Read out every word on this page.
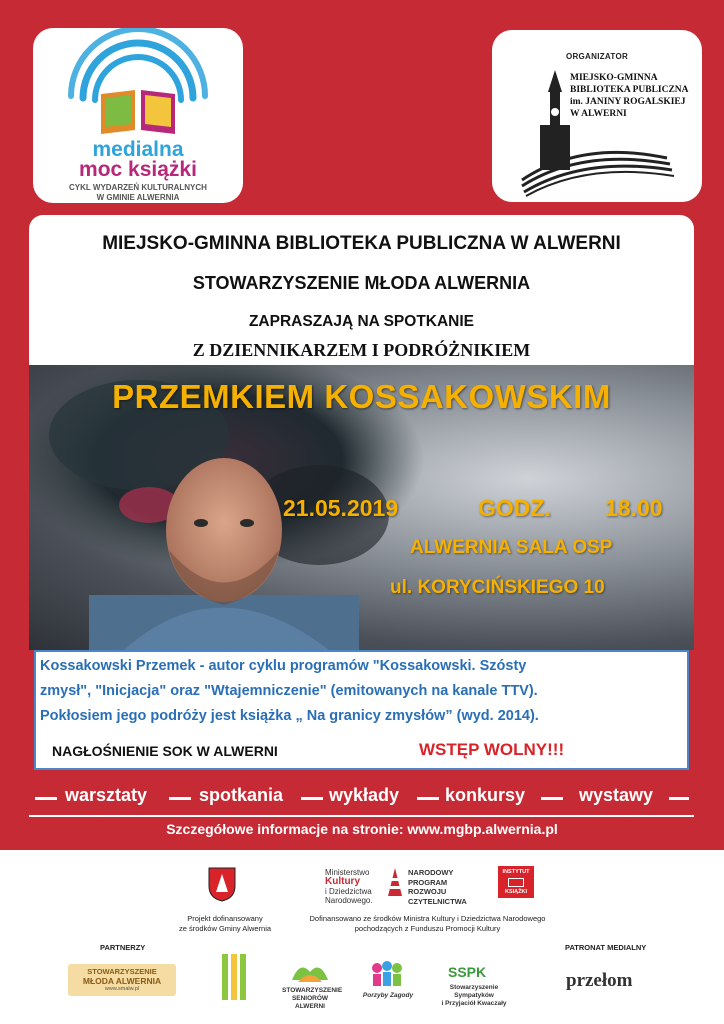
medialna
moc książki
CYKL WYDARZEŃ KULTURALNYCH
W GMINIE ALWERNIA
ORGANIZATOR
MIEJSKO-GMINNA
BIBLIOTEKA PUBLICZNA
im. JANINY ROGALSKIEJ
W ALWERNI
MIEJSKO-GMINNA BIBLIOTEKA PUBLICZNA W ALWERNI
STOWARZYSZENIE MŁODA ALWERNIA
ZAPRASZAJĄ NA SPOTKANIE
Z DZIENNIKARZEM I PODRÓŻNIKIEM
PRZEMKIEM KOSSAKOWSKIM
21.05.2019	GODZ. 18.00
ALWERNIA SALA OSP
ul. KORYCIŃSKIEGO 10
Kossakowski Przemek - autor cyklu programów "Kossakowski. Szósty
zmysł", "Inicjacja" oraz "Wtajemniczenie" (emitowanych na kanale TTV).
Pokłosiem jego podróży jest książka „ Na granicy zmysłów” (wyd. 2014).
NAGŁOŚNIENIE SOK W ALWERNI	WSTĘP WOLNY!!!
warsztaty	spotkania	wykłady	konkursy	wystawy
Szczegółowe informacje na stronie: www.mgbp.alwernia.pl
Projekt dofinansowany
ze środków Gminy Alwernia
Ministerstwo
Kultury
i Dziedzictwa
Narodowego.
NARODOWY
PROGRAM
ROZWOJU
CZYTELNICTWA
INSTYTUT
KSIĄŻKI
Dofinansowano ze środków Ministra Kultury i Dziedzictwa Narodowego
pochodzących z Funduszu Promocji Kultury
PARTNERZY	PATRONAT MEDIALNY
STOWARZYSZENIE
MŁODA ALWERNIA
www.smalw.pl	STOWARZYSZENIE
SENIORÓW ALWERNI
Porzyby Zagody
SSPK
Stowarzyszenie Sympatyków
i Przyjaciół Kwaczały
przełom
